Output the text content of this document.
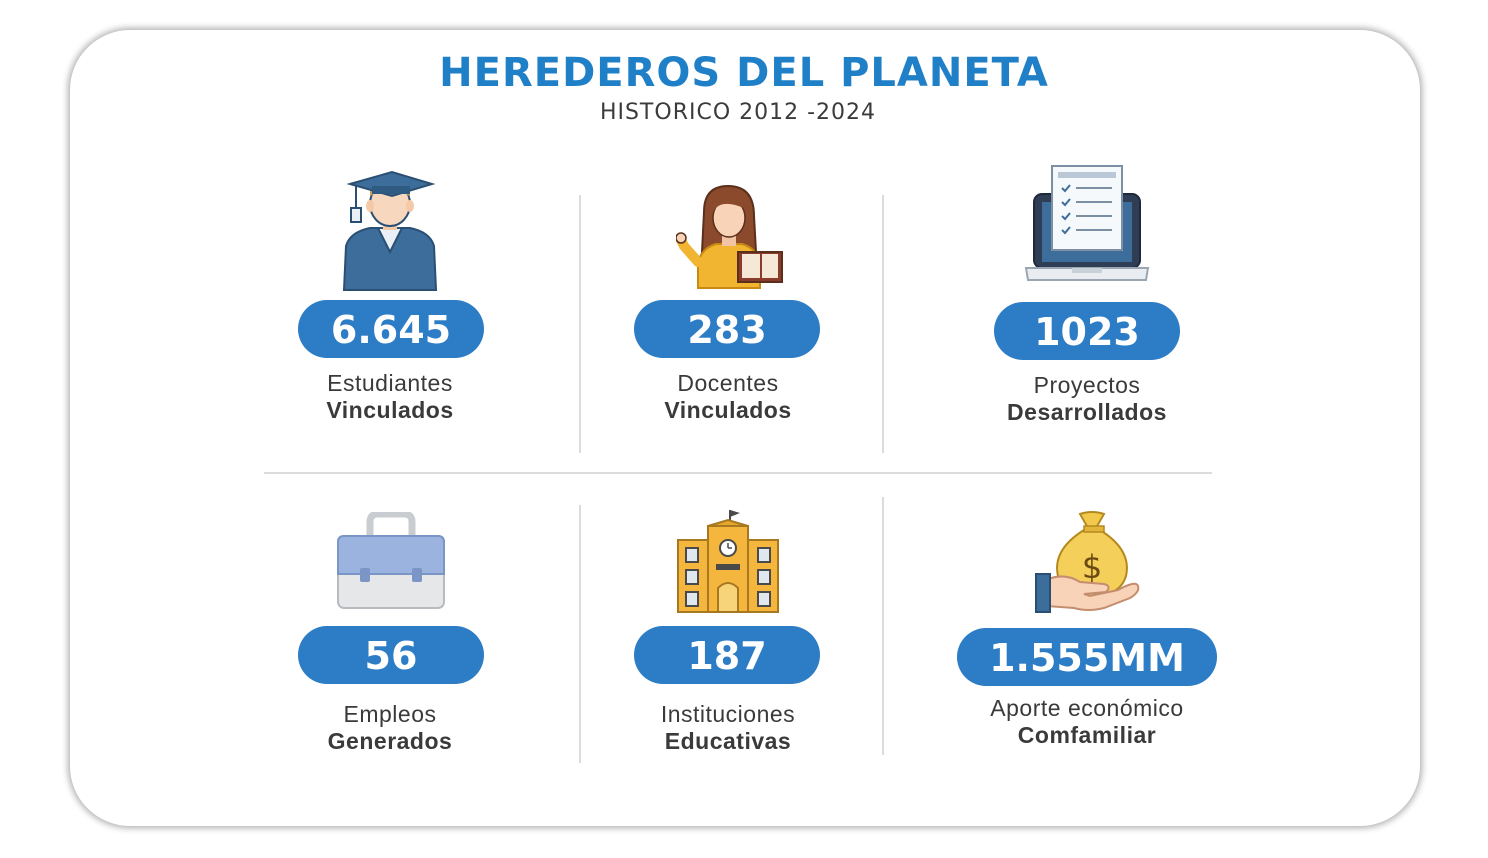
HEREDEROS DEL PLANETA
HISTORICO 2012 -2024
6.645
Estudiantes
Vinculados
283
Docentes
Vinculados
1023
Proyectos
Desarrollados
56
Empleos
Generados
187
Instituciones
Educativas
$
1.555MM
Aporte económico
Comfamiliar
